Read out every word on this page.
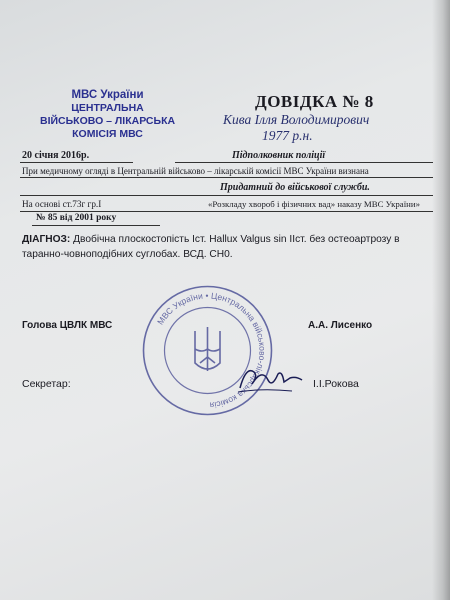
МВС України
ЦЕНТРАЛЬНА
ВІЙСЬКОВО – ЛІКАРСЬКА
КОМІСІЯ МВС
ДОВІДКА № 8
Кива Ілля Володимирович
1977 р.н.
20 січня 2016р.	Підполковник поліції
При медичному огляді в Центральній військово – лікарській комісії МВС України визнана
Придатний до військової служби.
На основі ст.73г гр.І	«Розкладу хвороб і фізичних вад» наказу МВС України»
№ 85 від 2001 року
ДІАГНОЗ: Двобічна плоскостопість Іст. Hallux Valgus sin IIст. без остеоартрозу в таранно-човноподібних суглобах. ВСД. СН0.
МВС України • Центральна військово-лікарська комісія
Голова ЦВЛК МВС	А.А. Лисенко
Секретар:	І.І.Рокова
